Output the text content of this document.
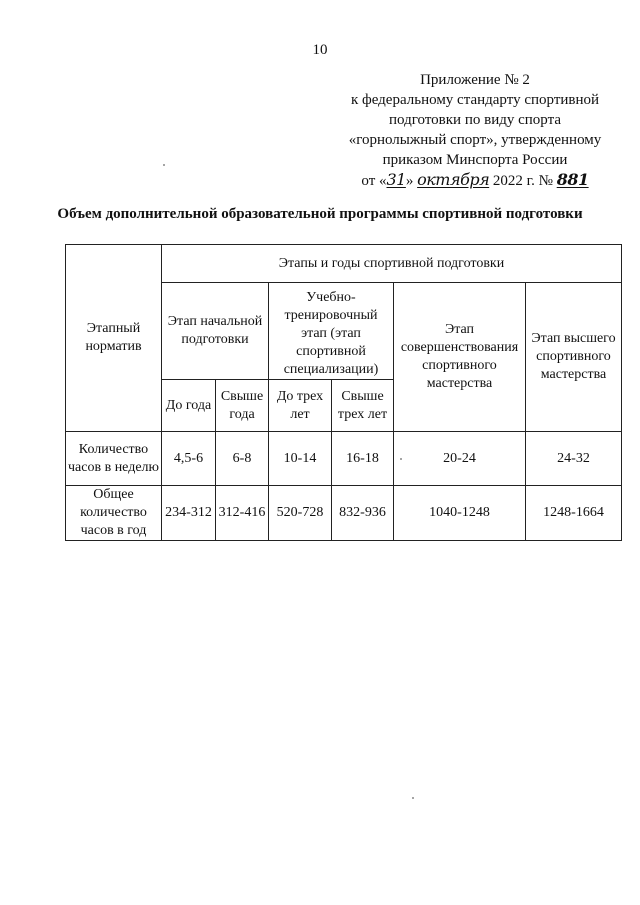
10
Приложение № 2
к федеральному стандарту спортивной
подготовки по виду спорта
«горнолыжный спорт», утвержденному
приказом Минспорта России
от «31» октября 2022 г. № 881
Объем дополнительной образовательной программы спортивной подготовки
Этапный норматив	Этапы и годы спортивной подготовки					
	Этап начальной подготовки		Учебно-тренировочный этап (этап спортивной специализации)		Этап совершенствования спортивного мастерства	Этап высшего спортивного мастерства
	До года	Свыше года	До трех лет	Свыше трех лет		
Количество часов в неделю	4,5-6	6-8	10-14	16-18	20-24	24-32
Общее количество часов в год	234-312	312-416	520-728	832-936	1040-1248	1248-1664
